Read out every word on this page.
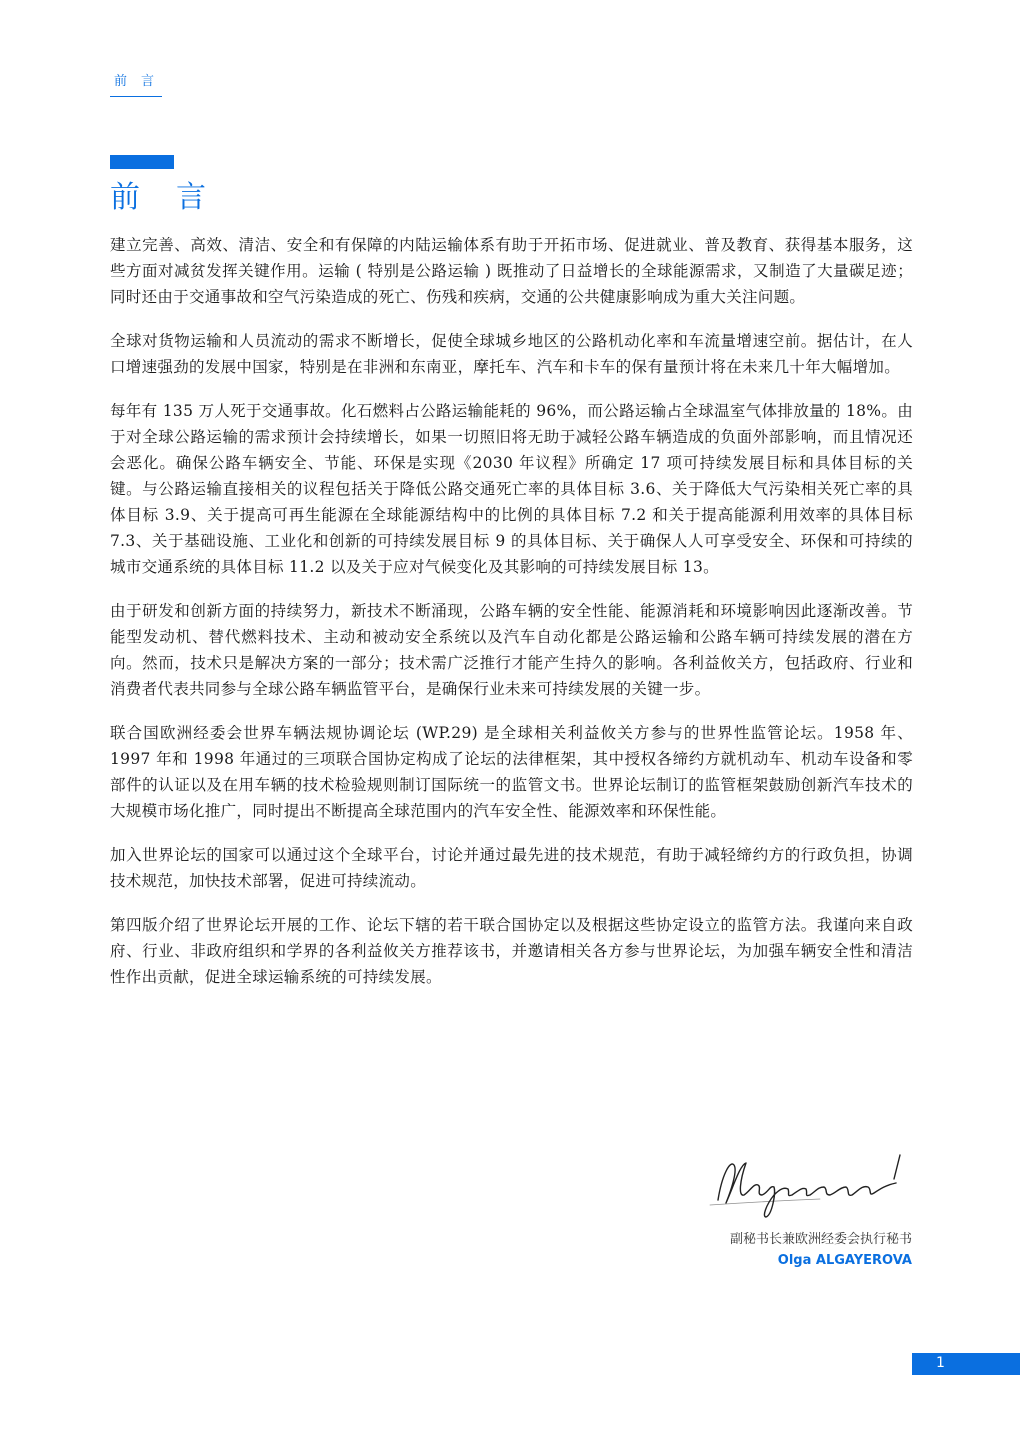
前言
前言

建立完善、高效、清洁、安全和有保障的内陆运输体系有助于开拓市场、促进就业、普及教育、获得基本服务，这些方面对减贫发挥关键作用。运输 ( 特别是公路运输 ) 既推动了日益增长的全球能源需求，又制造了大量碳足迹；同时还由于交通事故和空气污染造成的死亡、伤残和疾病，交通的公共健康影响成为重大关注问题。

全球对货物运输和人员流动的需求不断增长，促使全球城乡地区的公路机动化率和车流量增速空前。据估计，在人口增速强劲的发展中国家，特别是在非洲和东南亚，摩托车、汽车和卡车的保有量预计将在未来几十年大幅增加。

每年有 135 万人死于交通事故。化石燃料占公路运输能耗的 96%，而公路运输占全球温室气体排放量的 18%。由于对全球公路运输的需求预计会持续增长，如果一切照旧将无助于减轻公路车辆造成的负面外部影响，而且情况还会恶化。确保公路车辆安全、节能、环保是实现《2030 年议程》所确定 17 项可持续发展目标和具体目标的关键。与公路运输直接相关的议程包括关于降低公路交通死亡率的具体目标 3.6、关于降低大气污染相关死亡率的具体目标 3.9、关于提高可再生能源在全球能源结构中的比例的具体目标 7.2 和关于提高能源利用效率的具体目标 7.3、关于基础设施、工业化和创新的可持续发展目标 9 的具体目标、关于确保人人可享受安全、环保和可持续的城市交通系统的具体目标 11.2 以及关于应对气候变化及其影响的可持续发展目标 13。

由于研发和创新方面的持续努力，新技术不断涌现，公路车辆的安全性能、能源消耗和环境影响因此逐渐改善。节能型发动机、替代燃料技术、主动和被动安全系统以及汽车自动化都是公路运输和公路车辆可持续发展的潜在方向。然而，技术只是解决方案的一部分；技术需广泛推行才能产生持久的影响。各利益攸关方，包括政府、行业和消费者代表共同参与全球公路车辆监管平台，是确保行业未来可持续发展的关键一步。

联合国欧洲经委会世界车辆法规协调论坛 (WP.29) 是全球相关利益攸关方参与的世界性监管论坛。1958 年、1997 年和 1998 年通过的三项联合国协定构成了论坛的法律框架，其中授权各缔约方就机动车、机动车设备和零部件的认证以及在用车辆的技术检验规则制订国际统一的监管文书。世界论坛制订的监管框架鼓励创新汽车技术的大规模市场化推广，同时提出不断提高全球范围内的汽车安全性、能源效率和环保性能。

加入世界论坛的国家可以通过这个全球平台，讨论并通过最先进的技术规范，有助于减轻缔约方的行政负担，协调技术规范，加快技术部署，促进可持续流动。

第四版介绍了世界论坛开展的工作、论坛下辖的若干联合国协定以及根据这些协定设立的监管方法。我谨向来自政府、行业、非政府组织和学界的各利益攸关方推荐该书，并邀请相关各方参与世界论坛，为加强车辆安全性和清洁性作出贡献，促进全球运输系统的可持续发展。

副秘书长兼欧洲经委会执行秘书
Olga ALGAYEROVA
1
